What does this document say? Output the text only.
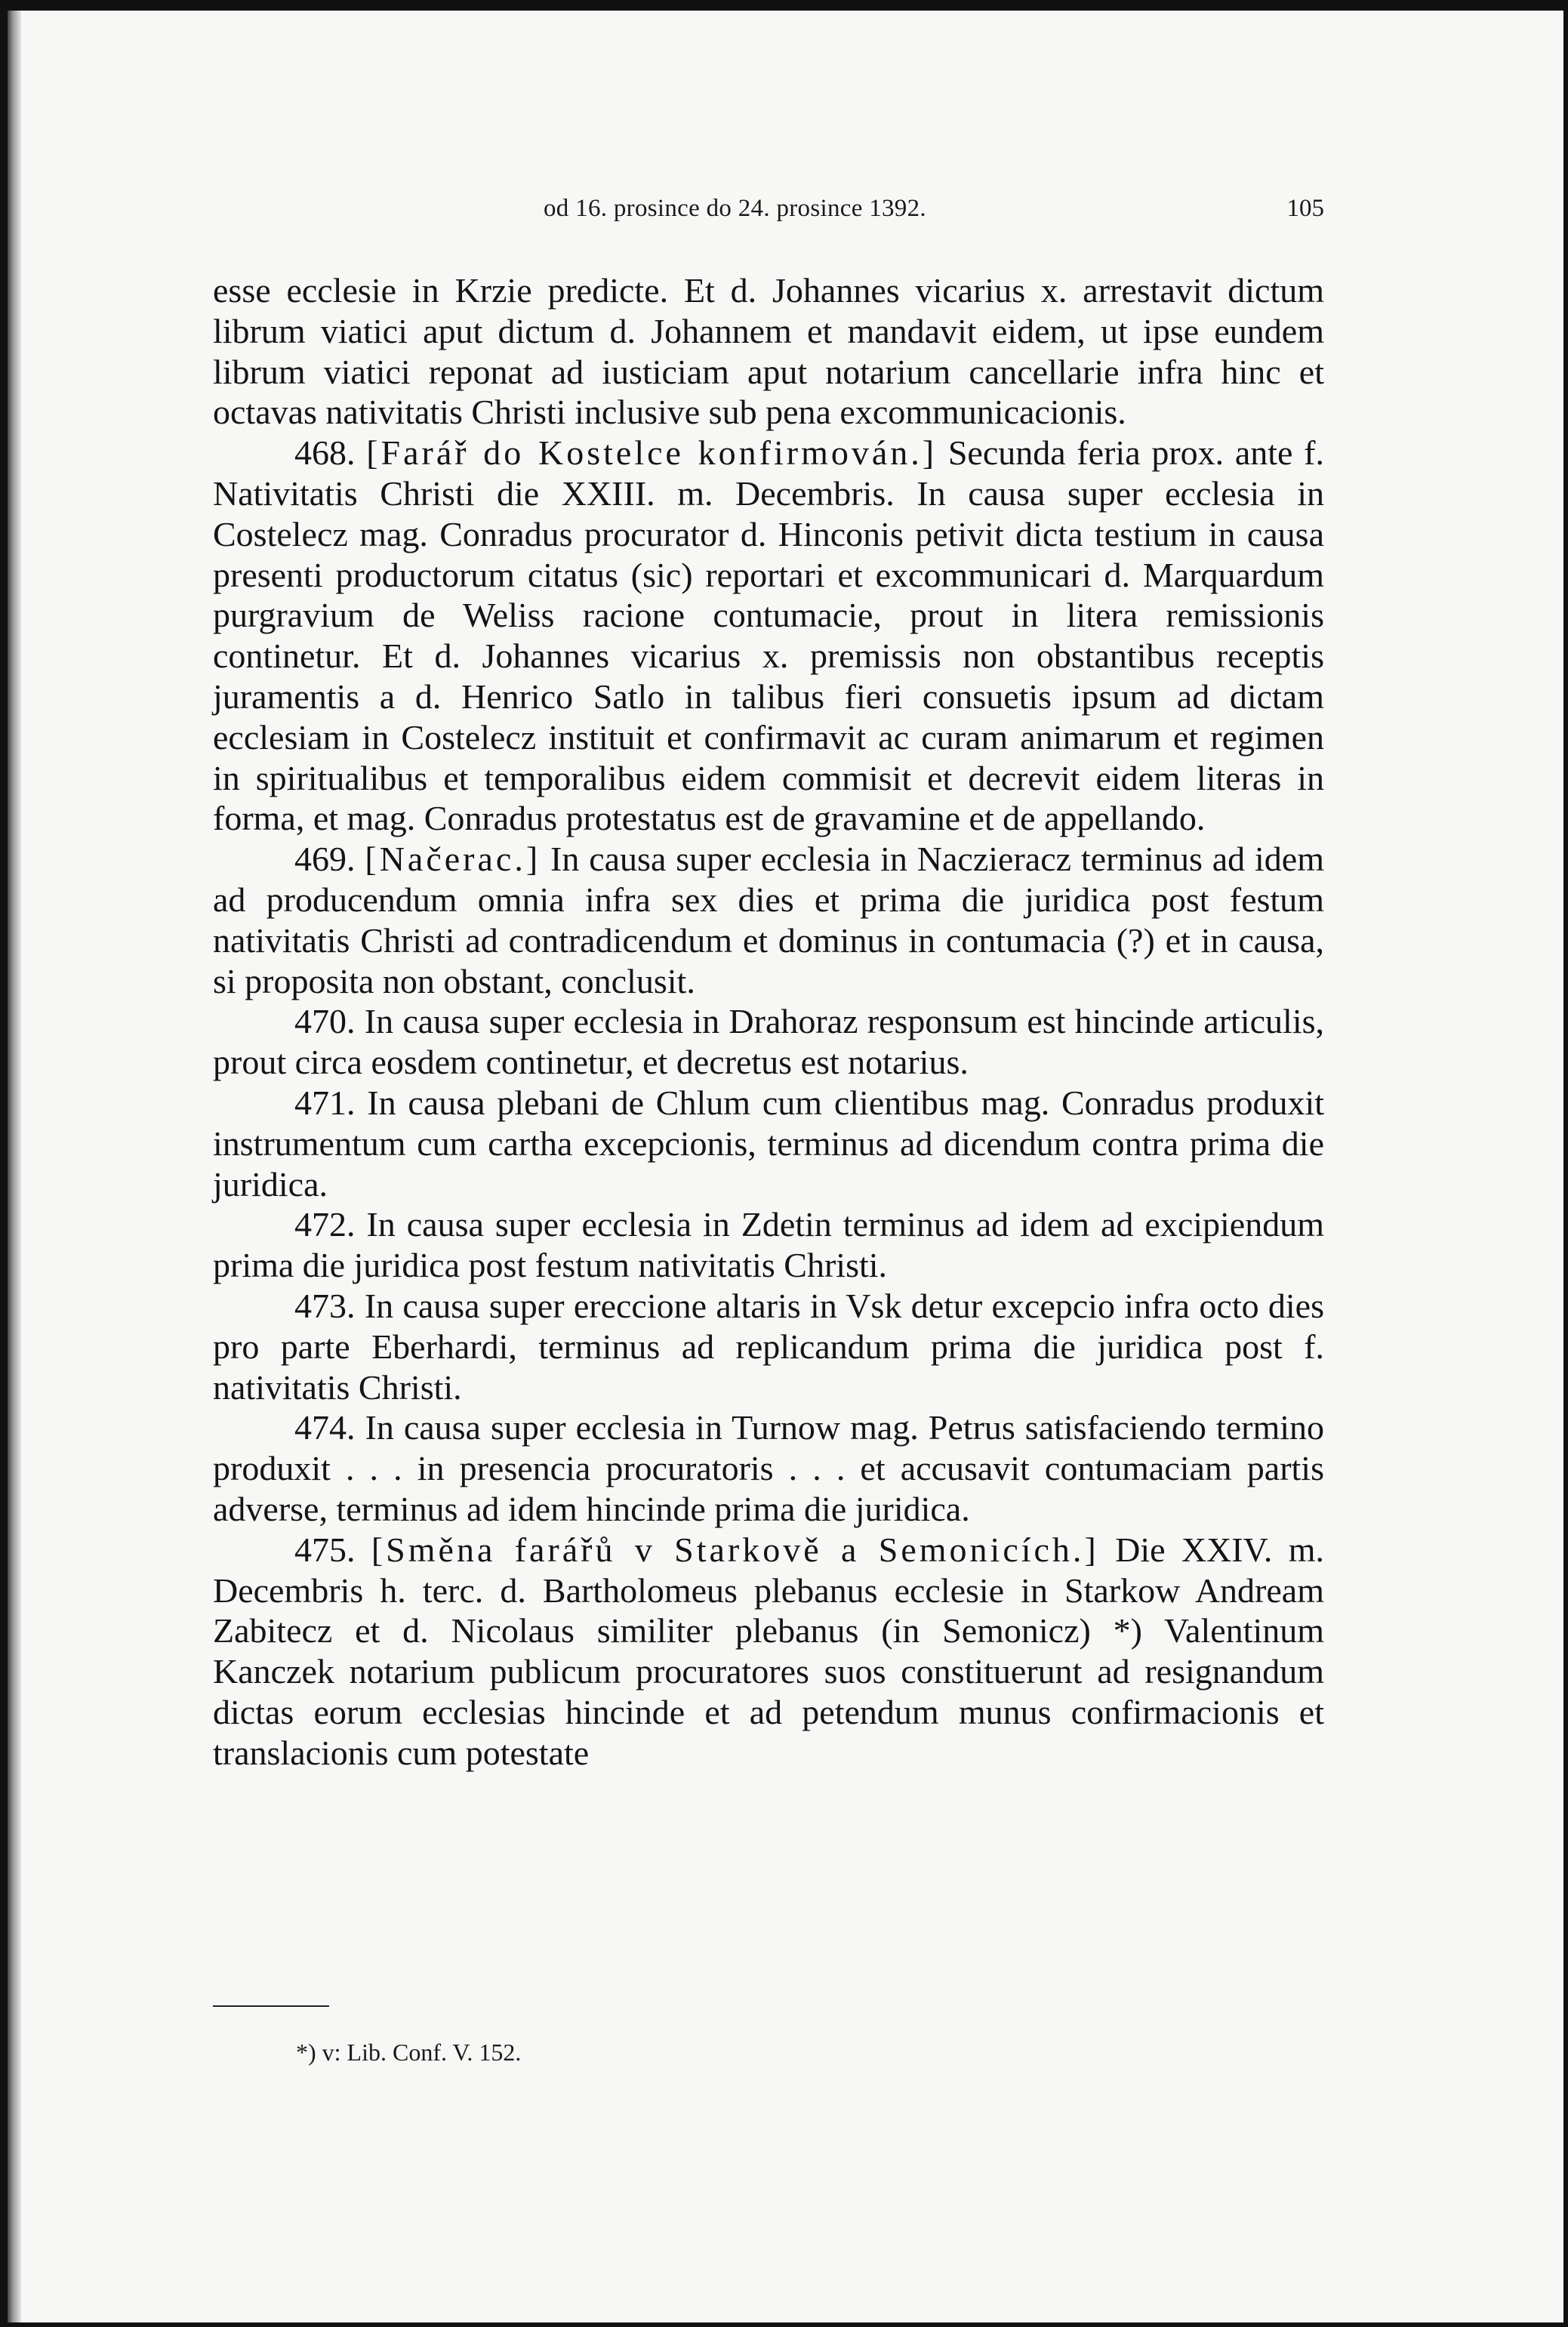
od 16. prosince do 24. prosince 1392.	105

esse ecclesie in Krzie predicte. Et d. Johannes vicarius x. arrestavit dictum librum viatici aput dictum d. Johannem et mandavit eidem, ut ipse eundem librum viatici reponat ad iusticiam aput notarium cancellarie infra hinc et octavas nativitatis Christi inclusive sub pena excommunicacionis.

468. [Farář do Kostelce konfirmován.] Secunda feria prox. ante f. Nativitatis Christi die XXIII. m. Decembris. In causa super ecclesia in Costelecz mag. Conradus procurator d. Hinconis petivit dicta testium in causa presenti productorum citatus (sic) reportari et excommunicari d. Marquardum purgravium de Weliss racione contumacie, prout in litera remissionis continetur. Et d. Johannes vicarius x. premissis non obstantibus receptis juramentis a d. Henrico Satlo in talibus fieri consuetis ipsum ad dictam ecclesiam in Costelecz instituit et confirmavit ac curam animarum et regimen in spiritualibus et temporalibus eidem commisit et decrevit eidem literas in forma, et mag. Conradus protestatus est de gravamine et de appellando.

469. [Načerac.] In causa super ecclesia in Naczieracz terminus ad idem ad producendum omnia infra sex dies et prima die juridica post festum nativitatis Christi ad contradicendum et dominus in contumacia (?) et in causa, si proposita non obstant, conclusit.

470. In causa super ecclesia in Drahoraz responsum est hincinde articulis, prout circa eosdem continetur, et decretus est notarius.

471. In causa plebani de Chlum cum clientibus mag. Conradus produxit instrumentum cum cartha excepcionis, terminus ad dicendum contra prima die juridica.

472. In causa super ecclesia in Zdetin terminus ad idem ad excipiendum prima die juridica post festum nativitatis Christi.

473. In causa super ereccione altaris in Vsk detur excepcio infra octo dies pro parte Eberhardi, terminus ad replicandum prima die juridica post f. nativitatis Christi.

474. In causa super ecclesia in Turnow mag. Petrus satisfaciendo termino produxit . . . in presencia procuratoris . . . et accusavit contumaciam partis adverse, terminus ad idem hincinde prima die juridica.

475. [Směna farářů v Starkově a Semonicích.] Die XXIV. m. Decembris h. terc. d. Bartholomeus plebanus ecclesie in Starkow Andream Zabitecz et d. Nicolaus similiter plebanus (in Semonicz) *) Valentinum Kanczek notarium publicum procuratores suos constituerunt ad resignandum dictas eorum ecclesias hincinde et ad petendum munus confirmacionis et translacionis cum potestate

*) v: Lib. Conf. V. 152.
